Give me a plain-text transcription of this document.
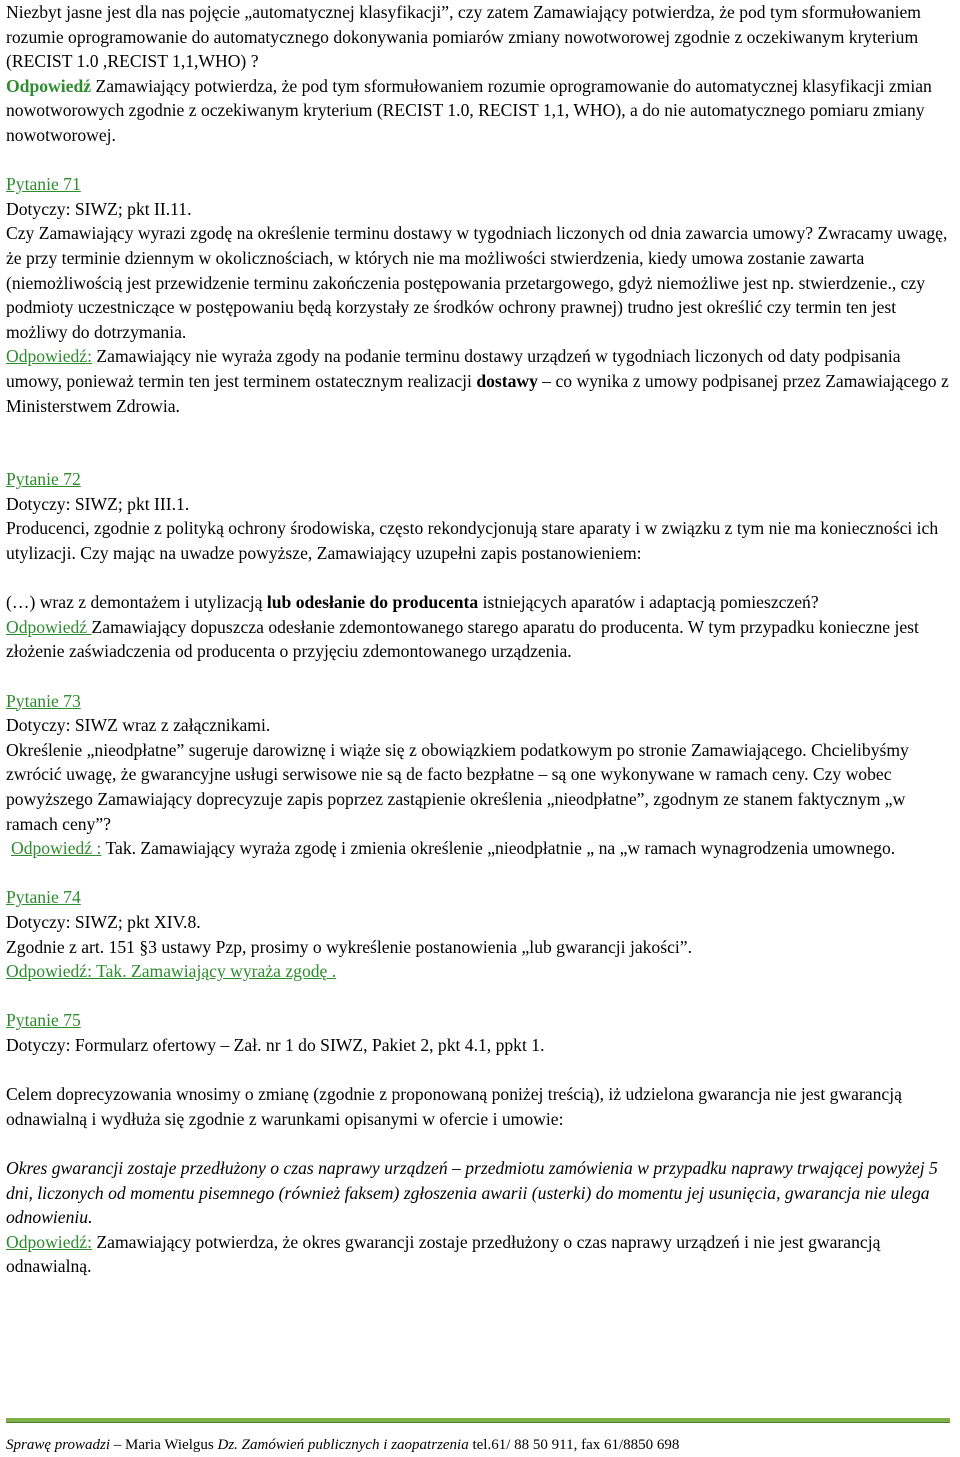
Niezbyt jasne jest dla nas pojęcie „automatycznej klasyfikacji”, czy zatem Zamawiający potwierdza, że pod tym sformułowaniem rozumie oprogramowanie do automatycznego dokonywania pomiarów zmiany nowotworowej zgodnie z oczekiwanym kryterium (RECIST 1.0 ,RECIST 1,1,WHO) ?

Odpowiedź Zamawiający potwierdza, że pod tym sformułowaniem rozumie oprogramowanie do automatycznej klasyfikacji zmian nowotworowych zgodnie z oczekiwanym kryterium (RECIST 1.0, RECIST 1,1, WHO), a do nie automatycznego pomiaru zmiany nowotworowej.

Pytanie 71

Dotyczy: SIWZ; pkt II.11.

Czy Zamawiający wyrazi zgodę na określenie terminu dostawy w tygodniach liczonych od dnia zawarcia umowy? Zwracamy uwagę, że przy terminie dziennym w okolicznościach, w których nie ma możliwości stwierdzenia, kiedy umowa zostanie zawarta (niemożliwością jest przewidzenie terminu zakończenia postępowania przetargowego, gdyż niemożliwe jest np. stwierdzenie., czy podmioty uczestniczące w postępowaniu będą korzystały ze środków ochrony prawnej) trudno jest określić czy termin ten jest możliwy do dotrzymania.

Odpowiedź: Zamawiający nie wyraża zgody na podanie terminu dostawy urządzeń w tygodniach liczonych od daty podpisania umowy, ponieważ termin ten jest terminem ostatecznym realizacji dostawy – co wynika z umowy podpisanej przez Zamawiającego z Ministerstwem Zdrowia.

Pytanie 72

Dotyczy: SIWZ; pkt III.1.

Producenci, zgodnie z polityką ochrony środowiska, często rekondycjonują stare aparaty i w związku z tym nie ma konieczności ich utylizacji. Czy mając na uwadze powyższe, Zamawiający uzupełni zapis postanowieniem:

(…) wraz z demontażem i utylizacją lub odesłanie do producenta istniejących aparatów i adaptacją pomieszczeń?

Odpowiedź Zamawiający dopuszcza odesłanie zdemontowanego starego aparatu do producenta. W tym przypadku konieczne jest złożenie zaświadczenia od producenta o przyjęciu zdemontowanego urządzenia.

Pytanie 73

Dotyczy: SIWZ wraz z załącznikami.

Określenie „nieodpłatne” sugeruje darowiznę i wiąże się z obowiązkiem podatkowym po stronie Zamawiającego. Chcielibyśmy zwrócić uwagę, że gwarancyjne usługi serwisowe nie są de facto bezpłatne – są one wykonywane w ramach ceny. Czy wobec powyższego Zamawiający doprecyzuje zapis poprzez zastąpienie określenia „nieodpłatne”, zgodnym ze stanem faktycznym „w ramach ceny”?

Odpowiedź : Tak. Zamawiający wyraża zgodę i zmienia określenie „nieodpłatnie „ na „w ramach wynagrodzenia umownego.

Pytanie 74

Dotyczy: SIWZ; pkt XIV.8.

Zgodnie z art. 151 §3 ustawy Pzp, prosimy o wykreślenie postanowienia „lub gwarancji jakości”.

Odpowiedź: Tak. Zamawiający wyraża zgodę .

Pytanie 75

Dotyczy: Formularz ofertowy – Zał. nr 1 do SIWZ, Pakiet 2, pkt 4.1, ppkt 1.

Celem doprecyzowania wnosimy o zmianę (zgodnie z proponowaną poniżej treścią), iż udzielona gwarancja nie jest gwarancją odnawialną i wydłuża się zgodnie z warunkami opisanymi w ofercie i umowie:

Okres gwarancji zostaje przedłużony o czas naprawy urządzeń – przedmiotu zamówienia w przypadku naprawy trwającej powyżej 5 dni, liczonych od momentu pisemnego (również faksem) zgłoszenia awarii (usterki) do momentu jej usunięcia, gwarancja nie ulega odnowieniu.

Odpowiedź: Zamawiający potwierdza, że okres gwarancji zostaje przedłużony o czas naprawy urządzeń i nie jest gwarancją odnawialną.

Sprawę prowadzi – Maria Wielgus Dz. Zamówień publicznych i zaopatrzenia tel.61/ 88 50 911, fax 61/8850 698
